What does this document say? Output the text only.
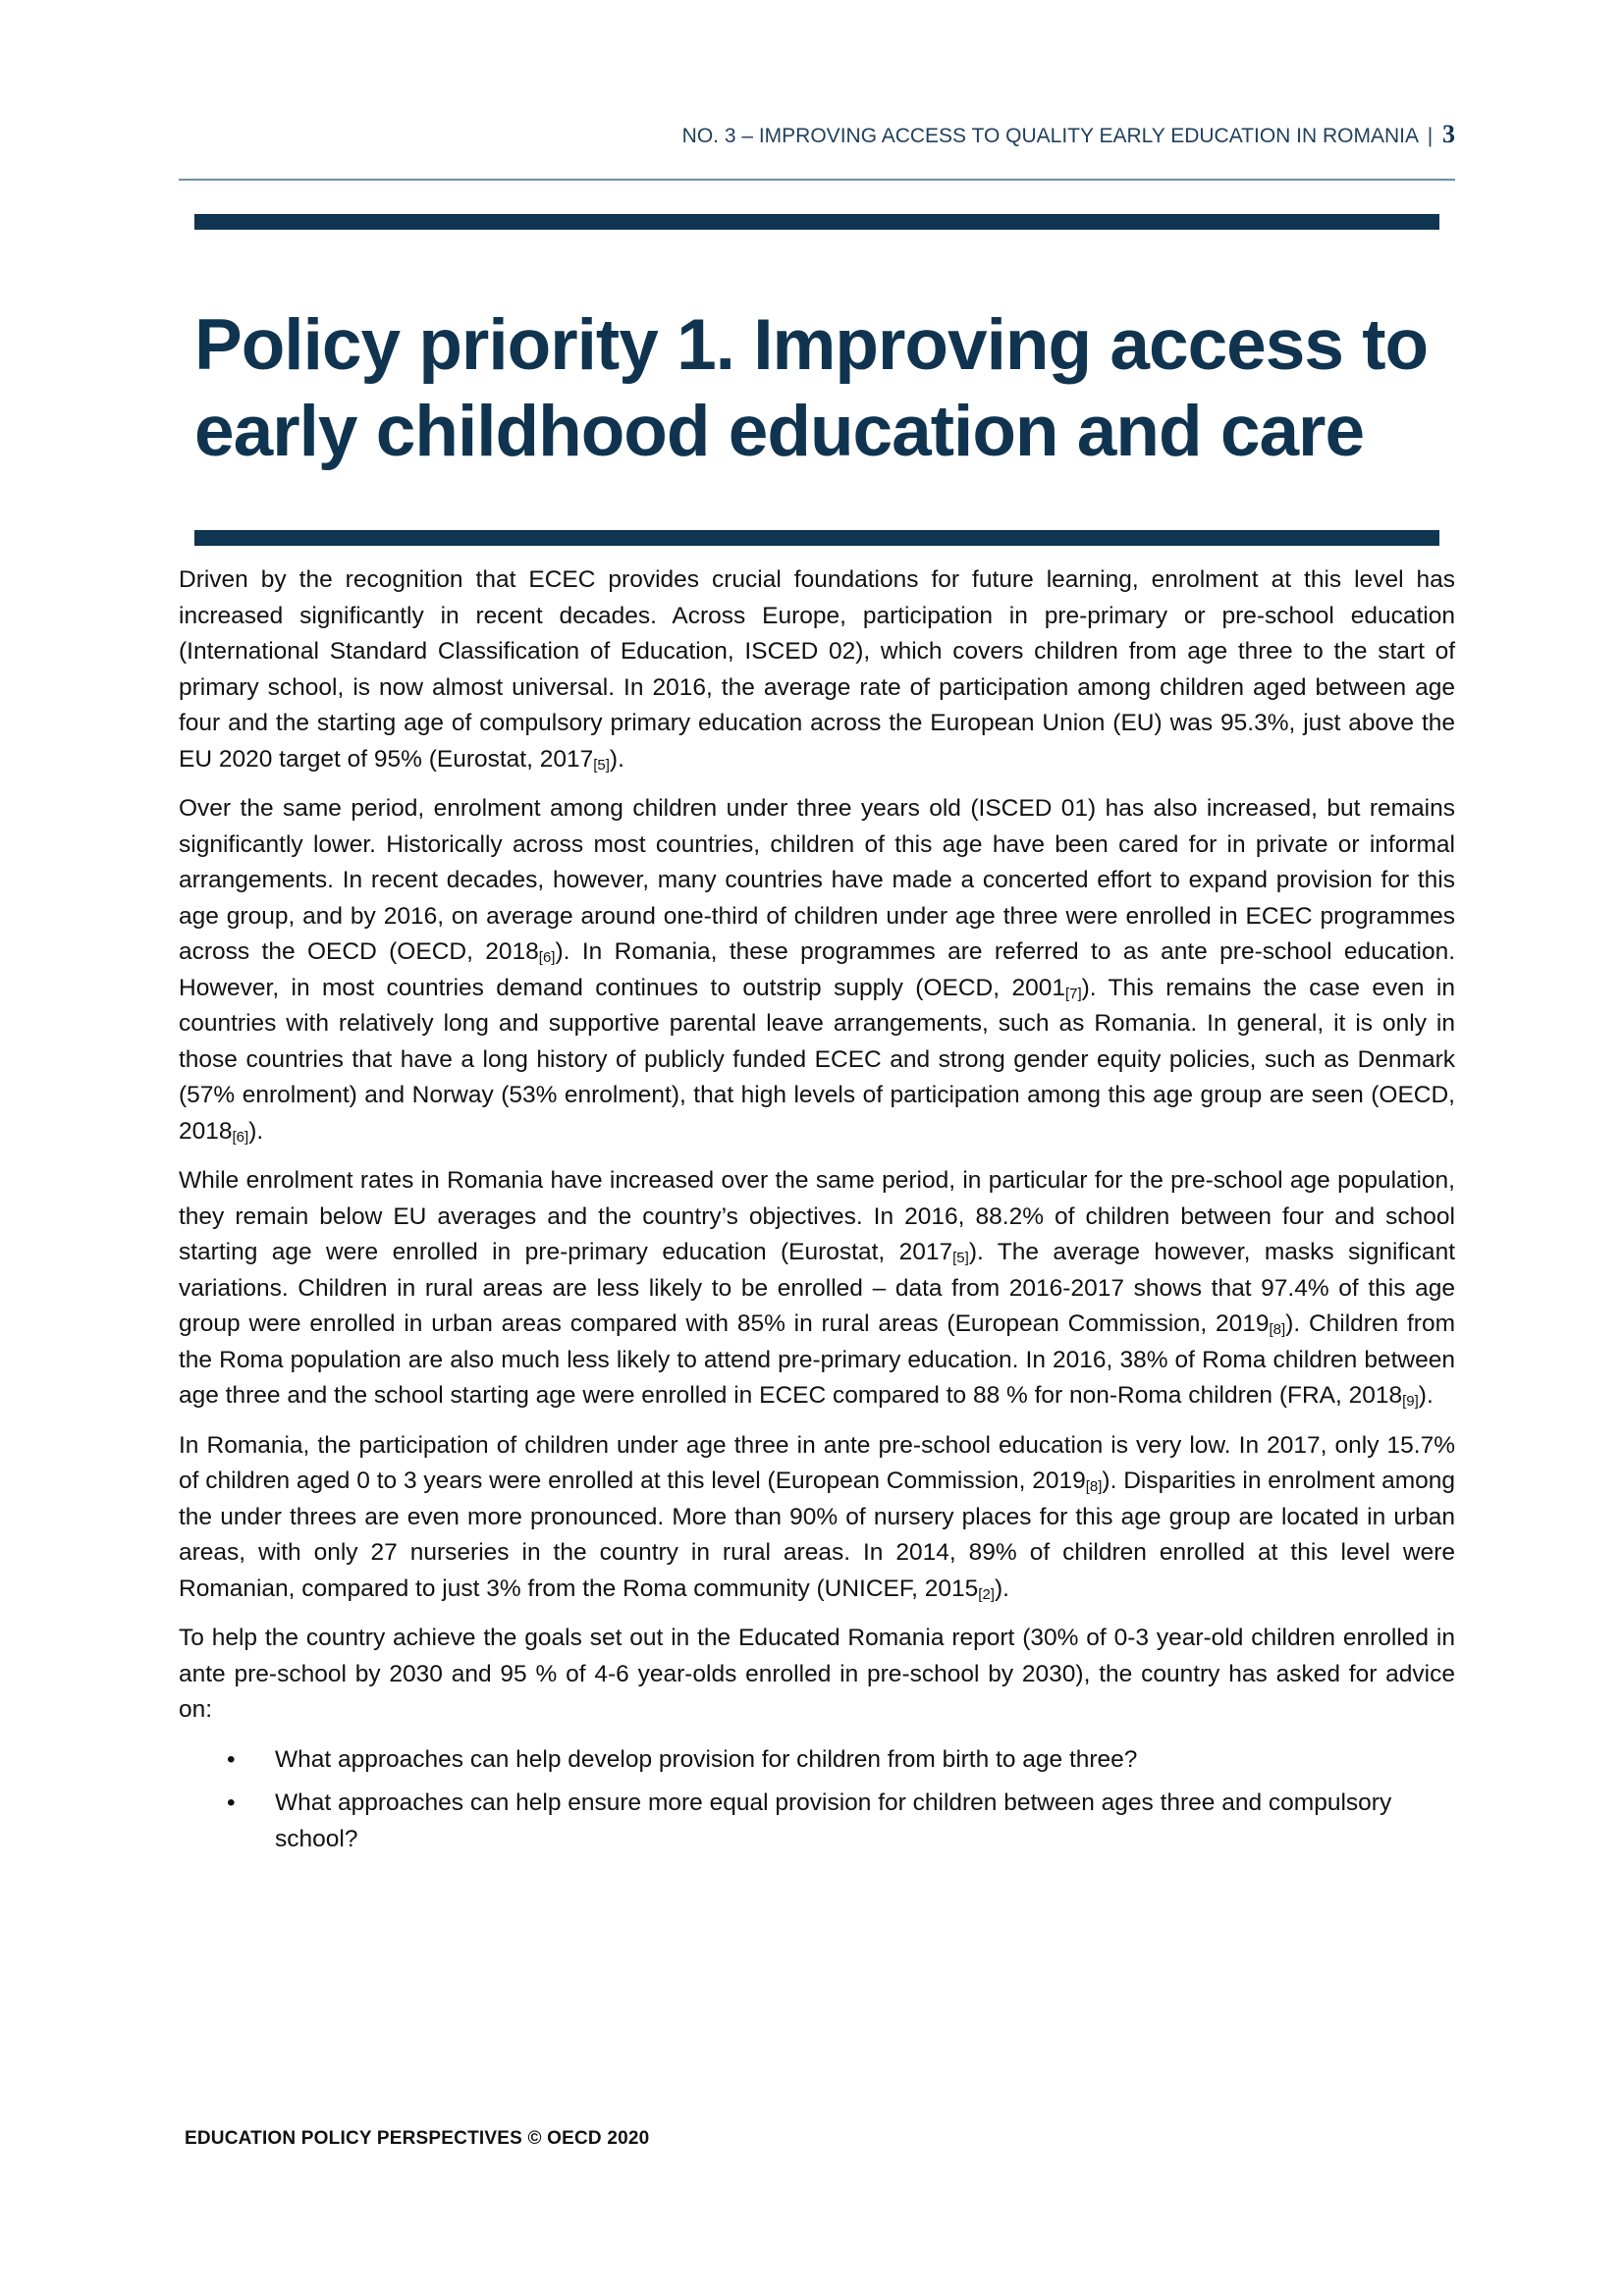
NO. 3 – IMPROVING ACCESS TO QUALITY EARLY EDUCATION IN ROMANIA | 3
Policy priority 1. Improving access to
early childhood education and care

Driven by the recognition that ECEC provides crucial foundations for future learning, enrolment at this level has increased significantly in recent decades. Across Europe, participation in pre-primary or pre-school education (International Standard Classification of Education, ISCED 02), which covers children from age three to the start of primary school, is now almost universal. In 2016, the average rate of participation among children aged between age four and the starting age of compulsory primary education across the European Union (EU) was 95.3%, just above the EU 2020 target of 95% (Eurostat, $2017_{[5]}$).

Over the same period, enrolment among children under three years old (ISCED 01) has also increased, but remains significantly lower. Historically across most countries, children of this age have been cared for in private or informal arrangements. In recent decades, however, many countries have made a concerted effort to expand provision for this age group, and by 2016, on average around one-third of children under age three were enrolled in ECEC programmes across the OECD (OECD, $2018_{[6]}$). In Romania, these programmes are referred to as ante pre-school education. However, in most countries demand continues to outstrip supply (OECD, $2001_{[7]}$). This remains the case even in countries with relatively long and supportive parental leave arrangements, such as Romania. In general, it is only in those countries that have a long history of publicly funded ECEC and strong gender equity policies, such as Denmark (57% enrolment) and Norway (53% enrolment), that high levels of participation among this age group are seen (OECD, $2018_{[6]}$).

While enrolment rates in Romania have increased over the same period, in particular for the pre-school age population, they remain below EU averages and the country’s objectives. In 2016, 88.2% of children between four and school starting age were enrolled in pre-primary education (Eurostat, $2017_{[5]}$). The average however, masks significant variations. Children in rural areas are less likely to be enrolled – data from 2016-2017 shows that 97.4% of this age group were enrolled in urban areas compared with 85% in rural areas (European Commission, $2019_{[8]}$). Children from the Roma population are also much less likely to attend pre-primary education. In 2016, 38% of Roma children between age three and the school starting age were enrolled in ECEC compared to 88 % for non-Roma children (FRA, $2018_{[9]}$).

In Romania, the participation of children under age three in ante pre-school education is very low. In 2017, only 15.7% of children aged 0 to 3 years were enrolled at this level (European Commission, $2019_{[8]}$). Disparities in enrolment among the under threes are even more pronounced. More than 90% of nursery places for this age group are located in urban areas, with only 27 nurseries in the country in rural areas. In 2014, 89% of children enrolled at this level were Romanian, compared to just 3% from the Roma community (UNICEF, $2015_{[2]}$).

To help the country achieve the goals set out in the Educated Romania report (30% of 0-3 year-old children enrolled in ante pre-school by 2030 and 95 % of 4-6 year-olds enrolled in pre-school by 2030), the country has asked for advice on:

• What approaches can help develop provision for children from birth to age three?
• What approaches can help ensure more equal provision for children between ages three and compulsory school?
EDUCATION POLICY PERSPECTIVES © OECD 2020
